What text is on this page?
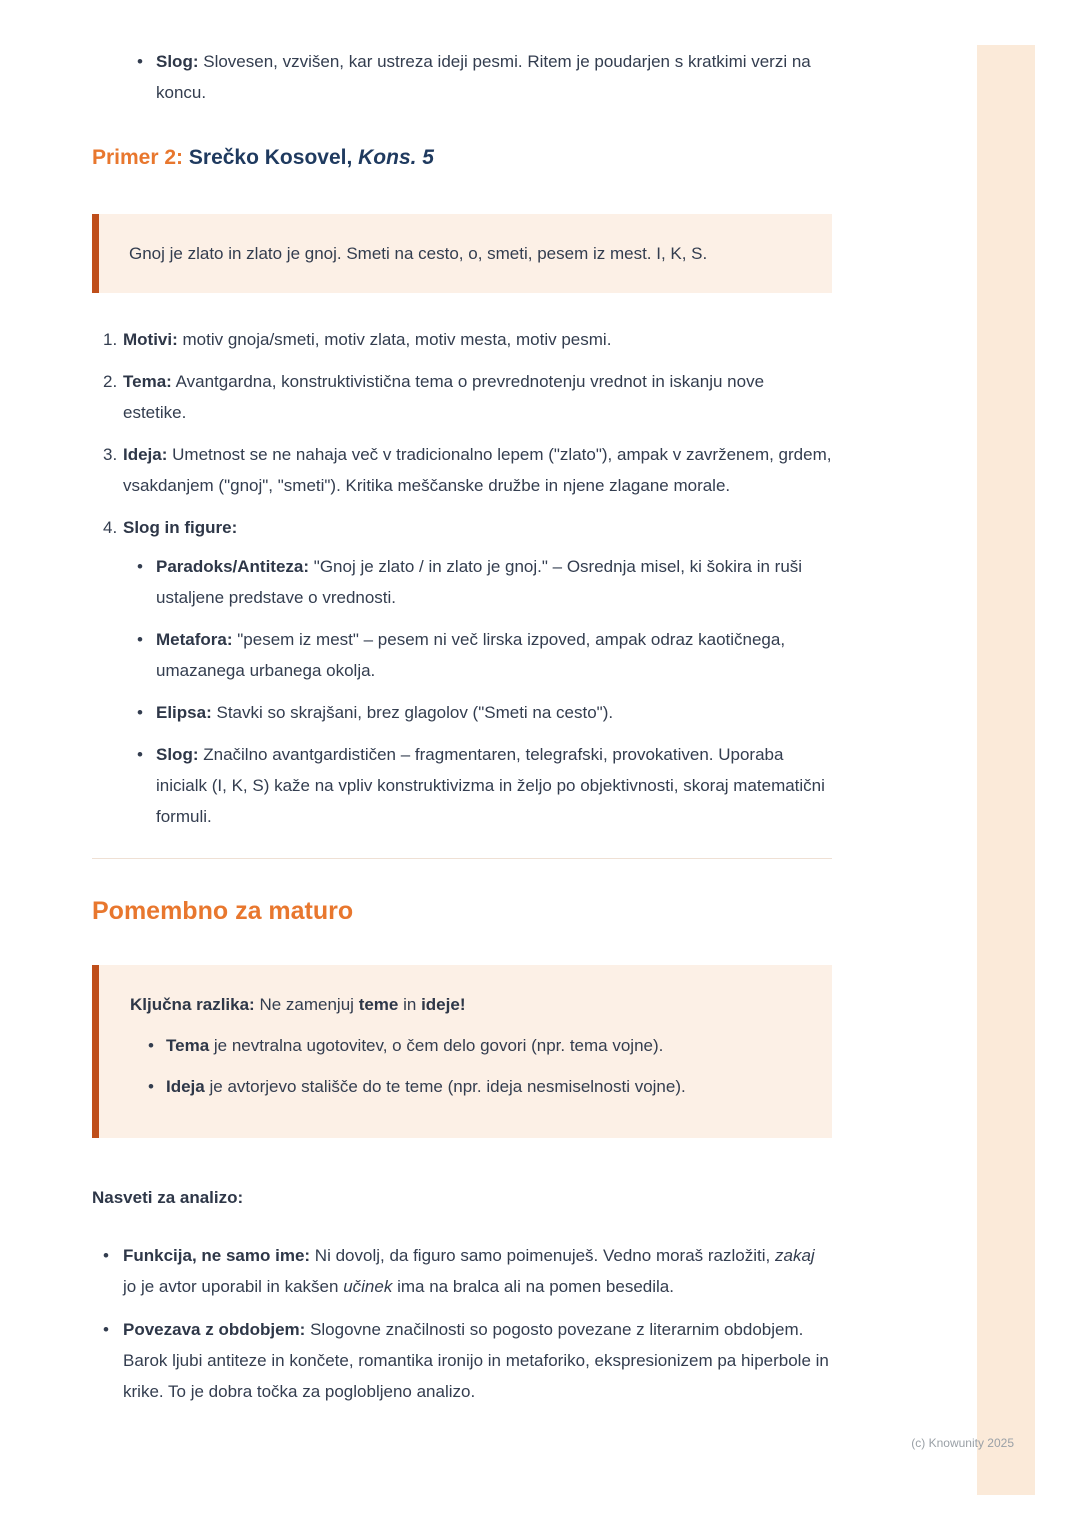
• Slog: Slovesen, vzvišen, kar ustreza ideji pesmi. Ritem je poudarjen s kratkimi verzi na koncu.
Primer 2: Srečko Kosovel, Kons. 5

Gnoj je zlato in zlato je gnoj. Smeti na cesto, o, smeti, pesem iz mest. I, K, S.

1. Motivi: motiv gnoja/smeti, motiv zlata, motiv mesta, motiv pesmi.
2. Tema: Avantgardna, konstruktivistična tema o prevrednotenju vrednot in iskanju nove estetike.
3. Ideja: Umetnost se ne nahaja več v tradicionalno lepem ("zlato"), ampak v zavrženem, grdem, vsakdanjem ("gnoj", "smeti"). Kritika meščanske družbe in njene zlagane morale.
4. Slog in figure:
• Paradoks/Antiteza: "Gnoj je zlato / in zlato je gnoj." – Osrednja misel, ki šokira in ruši ustaljene predstave o vrednosti.
• Metafora: "pesem iz mest" – pesem ni več lirska izpoved, ampak odraz kaotičnega, umazanega urbanega okolja.
• Elipsa: Stavki so skrajšani, brez glagolov ("Smeti na cesto").
• Slog: Značilno avantgardističen – fragmentaren, telegrafski, provokativen. Uporaba inicialk (I, K, S) kaže na vpliv konstruktivizma in željo po objektivnosti, skoraj matematični formuli.
Pomembno za maturo

Ključna razlika: Ne zamenjuj teme in ideje!

• Tema je nevtralna ugotovitev, o čem delo govori (npr. tema vojne).
• Ideja je avtorjevo stališče do te teme (npr. ideja nesmiselnosti vojne).

Nasveti za analizo:

• Funkcija, ne samo ime: Ni dovolj, da figuro samo poimenuješ. Vedno moraš razložiti, zakaj jo je avtor uporabil in kakšen učinek ima na bralca ali na pomen besedila.
• Povezava z obdobjem: Slogovne značilnosti so pogosto povezane z literarnim obdobjem. Barok ljubi antiteze in končete, romantika ironijo in metaforiko, ekspresionizem pa hiperbole in krike. To je dobra točka za poglobljeno analizo.
(c) Knowunity 2025
